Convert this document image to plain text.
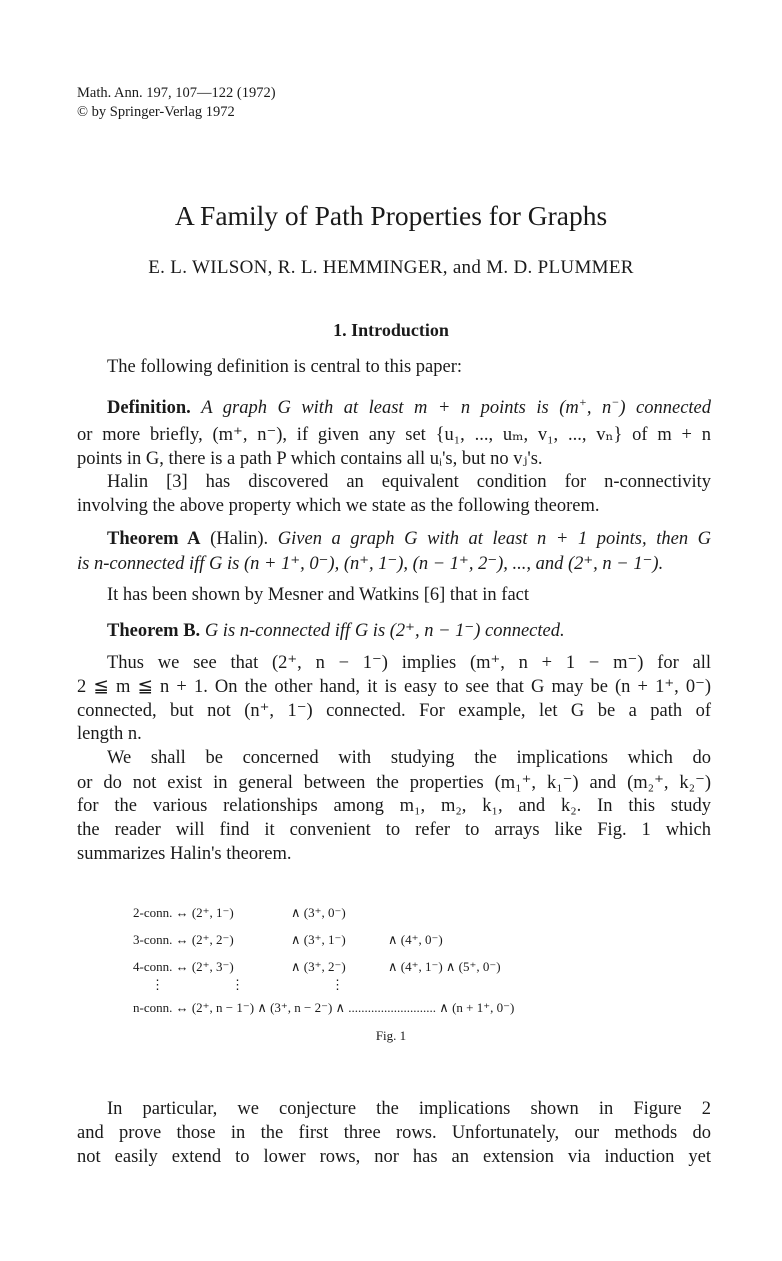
Math. Ann. 197, 107—122 (1972)
© by Springer-Verlag 1972
A Family of Path Properties for Graphs
E. L. WILSON, R. L. HEMMINGER, and M. D. PLUMMER
1. Introduction
The following definition is central to this paper:
Definition. A graph G with at least m + n points is (m+, n−) connected
or more briefly, (m⁺, n⁻), if given any set {u₁, ..., uₘ, v₁, ..., vₙ} of m + n
points in G, there is a path P which contains all uᵢ's, but no vⱼ's.
Halin [3] has discovered an equivalent condition for n-connectivity
involving the above property which we state as the following theorem.
Theorem A (Halin). Given a graph G with at least n + 1 points, then G
is n-connected iff G is (n + 1⁺, 0⁻), (n⁺, 1⁻), (n − 1⁺, 2⁻), ..., and (2⁺, n − 1⁻).
It has been shown by Mesner and Watkins [6] that in fact
Theorem B. G is n-connected iff G is (2⁺, n − 1⁻) connected.
Thus we see that (2⁺, n − 1⁻) implies (m⁺, n + 1 − m⁻) for all
2 ≦ m ≦ n + 1. On the other hand, it is easy to see that G may be (n + 1⁺, 0⁻)
connected, but not (n⁺, 1⁻) connected. For example, let G be a path of
length n.
We shall be concerned with studying the implications which do
or do not exist in general between the properties (m₁⁺, k₁⁻) and (m₂⁺, k₂⁻)
for the various relationships among m₁, m₂, k₁, and k₂. In this study
the reader will find it convenient to refer to arrays like Fig. 1 which
summarizes Halin's theorem.
2-conn. ↔ (2⁺, 1⁻)	∧ (3⁺, 0⁻)
3-conn. ↔ (2⁺, 2⁻)	∧ (3⁺, 1⁻)	∧ (4⁺, 0⁻)
4-conn. ↔ (2⁺, 3⁻)	∧ (3⁺, 2⁻)	∧ (4⁺, 1⁻) ∧ (5⁺, 0⁻)
⋮	⋮	⋮
n-conn. ↔ (2⁺, n − 1⁻) ∧ (3⁺, n − 2⁻) ∧ ........................... ∧ (n + 1⁺, 0⁻)
Fig. 1
In particular, we conjecture the implications shown in Figure 2
and prove those in the first three rows. Unfortunately, our methods do
not easily extend to lower rows, nor has an extension via induction yet
